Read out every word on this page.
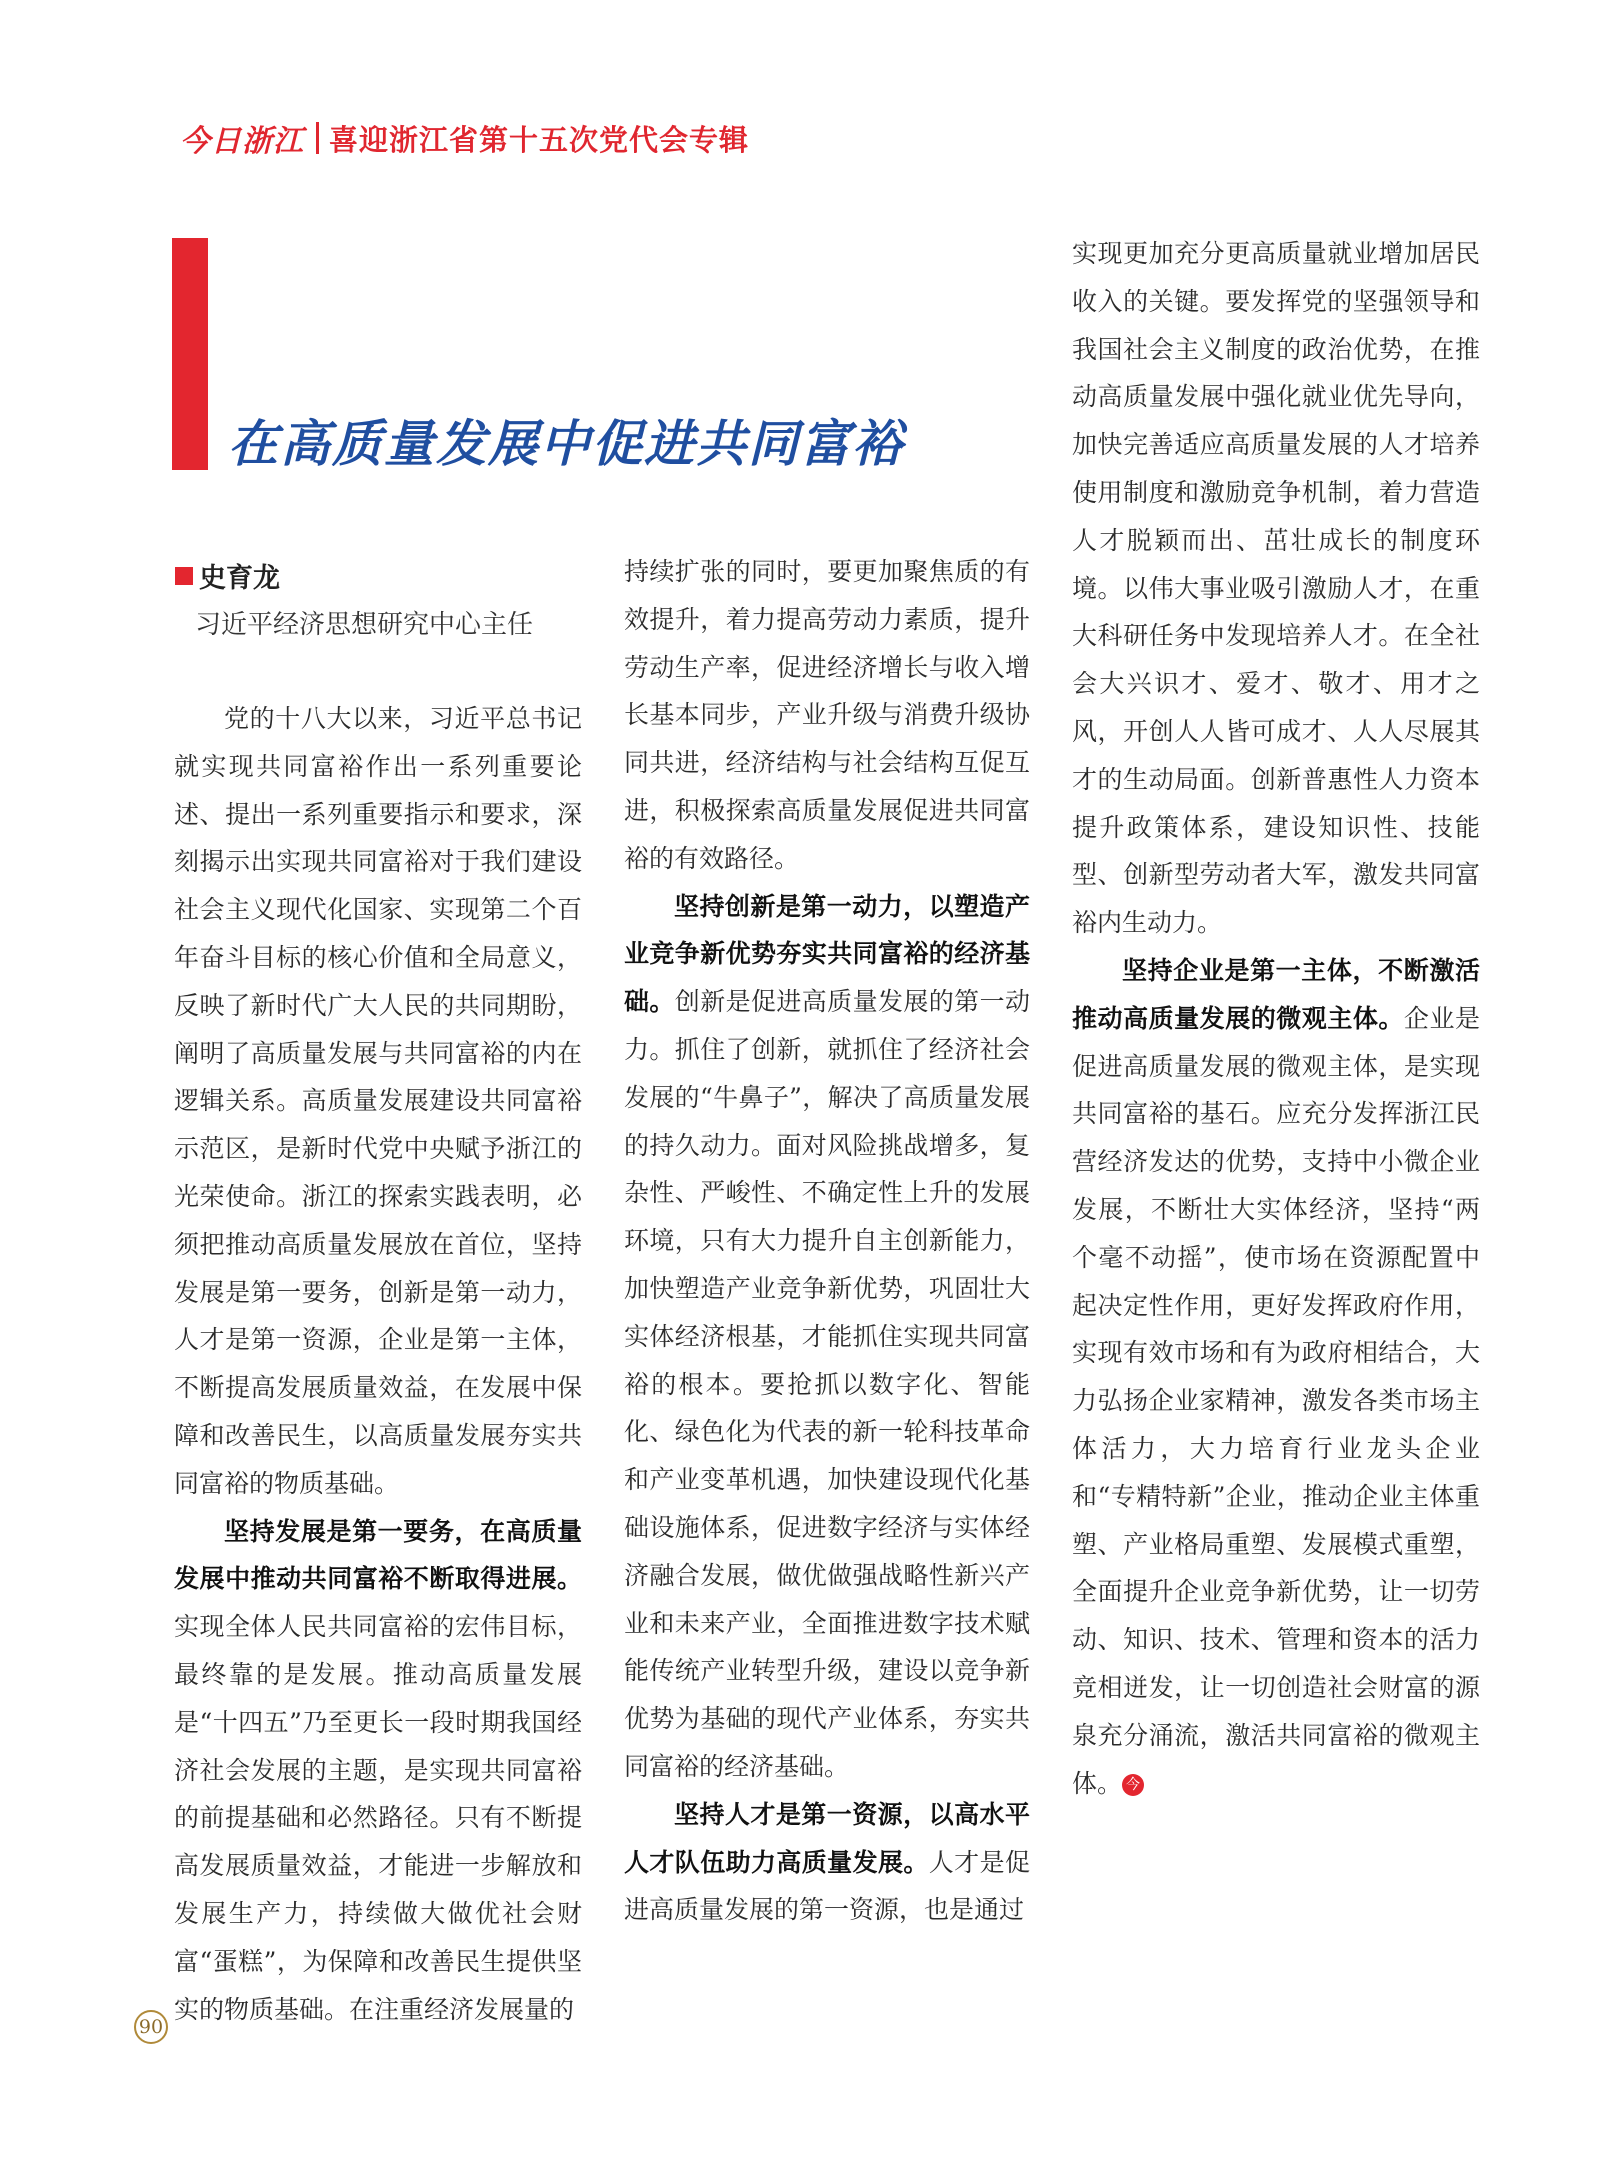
今日浙江 喜迎浙江省第十五次党代会专辑
在高质量发展中促进共同富裕
史育龙
习近平经济思想研究中心主任

党的十八大以来，习近平总书记就实现共同富裕作出一系列重要论述、提出一系列重要指示和要求，深刻揭示出实现共同富裕对于我们建设社会主义现代化国家、实现第二个百年奋斗目标的核心价值和全局意义，反映了新时代广大人民的共同期盼，阐明了高质量发展与共同富裕的内在逻辑关系。高质量发展建设共同富裕示范区，是新时代党中央赋予浙江的光荣使命。浙江的探索实践表明，必须把推动高质量发展放在首位，坚持发展是第一要务，创新是第一动力，人才是第一资源，企业是第一主体，不断提高发展质量效益，在发展中保障和改善民生，以高质量发展夯实共同富裕的物质基础。

坚持发展是第一要务，在高质量发展中推动共同富裕不断取得进展。实现全体人民共同富裕的宏伟目标，最终靠的是发展。推动高质量发展是“十四五”乃至更长一段时期我国经济社会发展的主题，是实现共同富裕的前提基础和必然路径。只有不断提高发展质量效益，才能进一步解放和发展生产力，持续做大做优社会财富“蛋糕”，为保障和改善民生提供坚实的物质基础。在注重经济发展量的

持续扩张的同时，要更加聚焦质的有效提升，着力提高劳动力素质，提升劳动生产率，促进经济增长与收入增长基本同步，产业升级与消费升级协同共进，经济结构与社会结构互促互进，积极探索高质量发展促进共同富裕的有效路径。

坚持创新是第一动力，以塑造产业竞争新优势夯实共同富裕的经济基础。创新是促进高质量发展的第一动力。抓住了创新，就抓住了经济社会发展的“牛鼻子”，解决了高质量发展的持久动力。面对风险挑战增多，复杂性、严峻性、不确定性上升的发展环境，只有大力提升自主创新能力，加快塑造产业竞争新优势，巩固壮大实体经济根基，才能抓住实现共同富裕的根本。要抢抓以数字化、智能化、绿色化为代表的新一轮科技革命和产业变革机遇，加快建设现代化基础设施体系，促进数字经济与实体经济融合发展，做优做强战略性新兴产业和未来产业，全面推进数字技术赋能传统产业转型升级，建设以竞争新优势为基础的现代产业体系，夯实共同富裕的经济基础。

坚持人才是第一资源，以高水平人才队伍助力高质量发展。人才是促进高质量发展的第一资源，也是通过

实现更加充分更高质量就业增加居民收入的关键。要发挥党的坚强领导和我国社会主义制度的政治优势，在推动高质量发展中强化就业优先导向，加快完善适应高质量发展的人才培养使用制度和激励竞争机制，着力营造人才脱颖而出、茁壮成长的制度环境。以伟大事业吸引激励人才，在重大科研任务中发现培养人才。在全社会大兴识才、爱才、敬才、用才之风，开创人人皆可成才、人人尽展其才的生动局面。创新普惠性人力资本提升政策体系，建设知识性、技能型、创新型劳动者大军，激发共同富裕内生动力。

坚持企业是第一主体，不断激活推动高质量发展的微观主体。企业是促进高质量发展的微观主体，是实现共同富裕的基石。应充分发挥浙江民营经济发达的优势，支持中小微企业发展，不断壮大实体经济，坚持“两个毫不动摇”，使市场在资源配置中起决定性作用，更好发挥政府作用，实现有效市场和有为政府相结合，大力弘扬企业家精神，激发各类市场主体活力，大力培育行业龙头企业和“专精特新”企业，推动企业主体重塑、产业格局重塑、发展模式重塑，全面提升企业竞争新优势，让一切劳动、知识、技术、管理和资本的活力竞相迸发，让一切创造社会财富的源泉充分涌流，激活共同富裕的微观主体。 今

90
